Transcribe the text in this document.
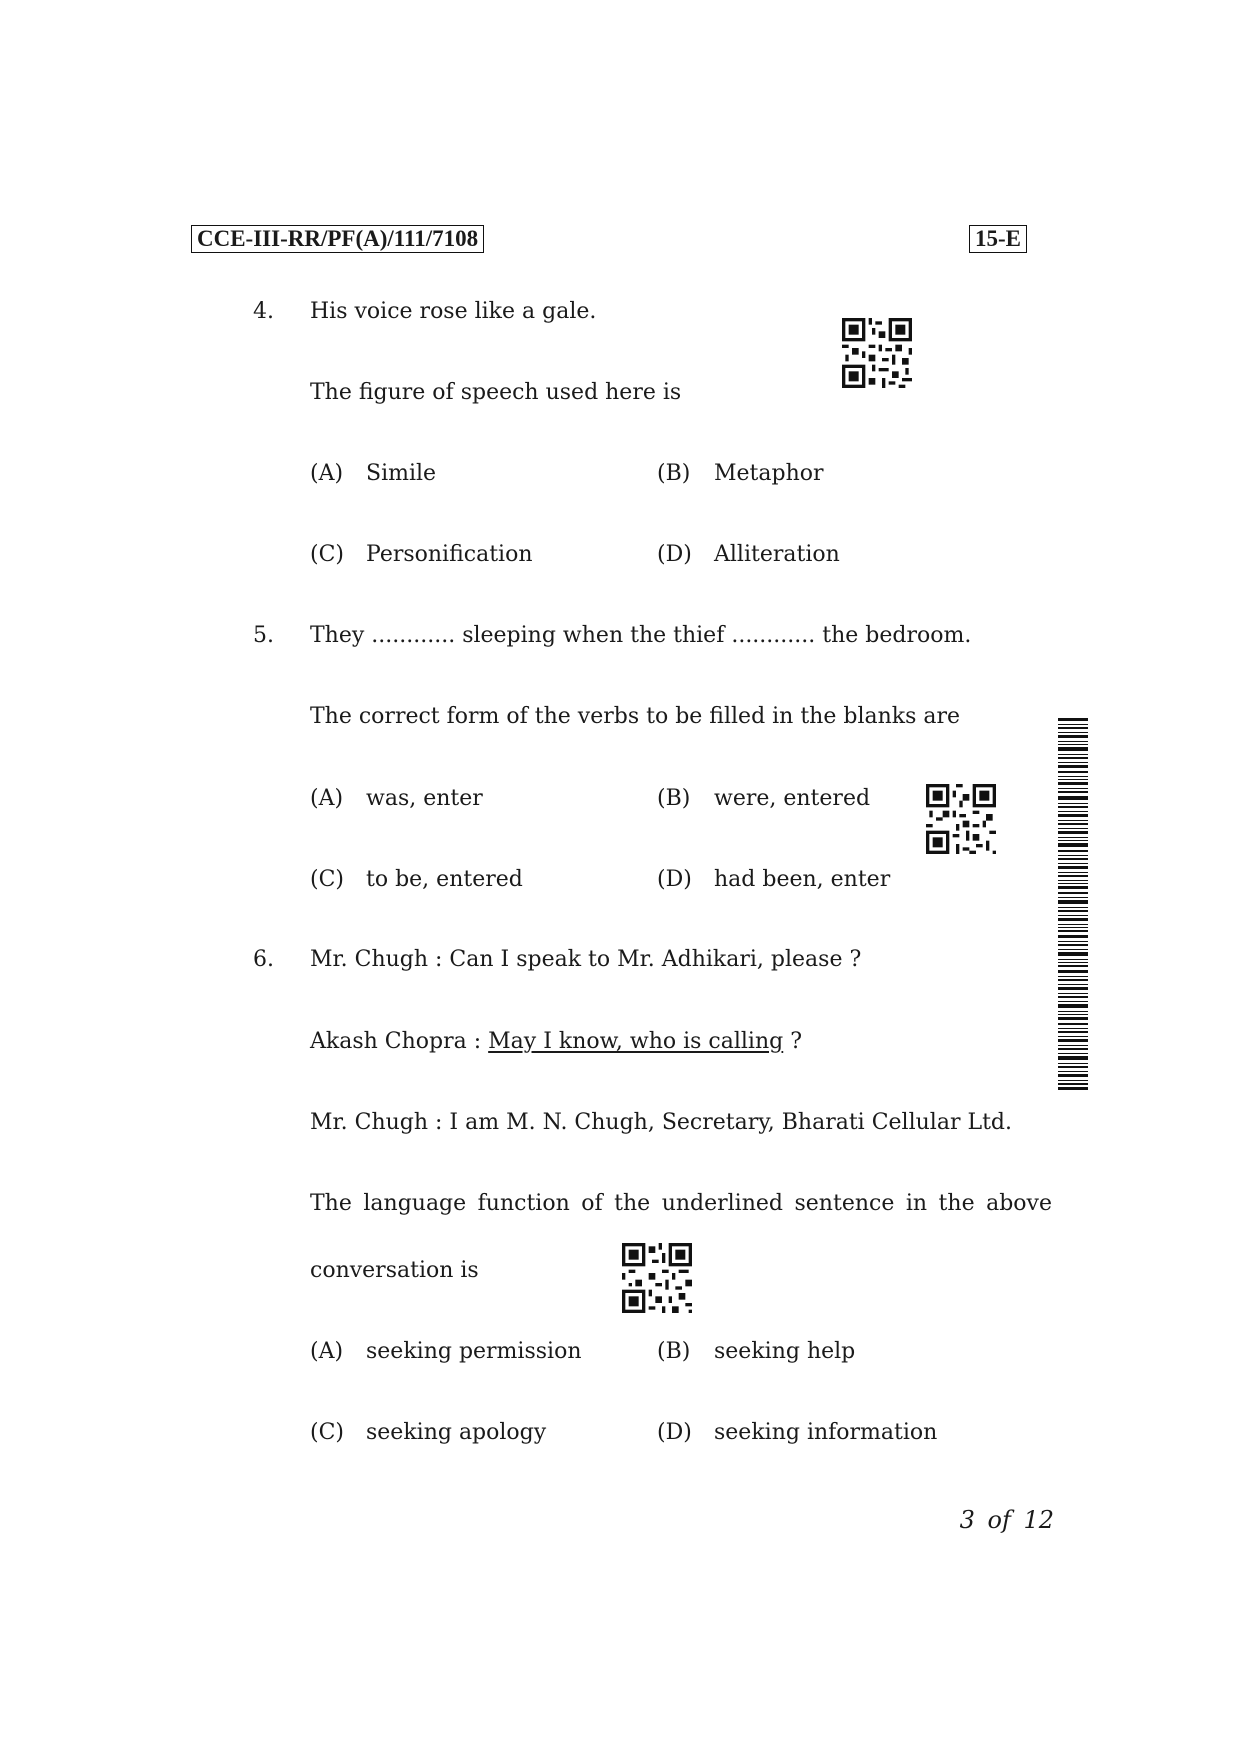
CCE-III-RR/PF(A)/111/7108	15-E
4. His voice rose like a gale.
The figure of speech used here is
(A) Simile	(B) Metaphor
(C) Personification	(D) Alliteration
5. They ............ sleeping when the thief ............ the bedroom.
The correct form of the verbs to be filled in the blanks are
(A) was, enter	(B) were, entered
(C) to be, entered	(D) had been, enter
6. Mr. Chugh : Can I speak to Mr. Adhikari, please ?
Akash Chopra : May I know, who is calling ?
Mr. Chugh : I am M. N. Chugh, Secretary, Bharati Cellular Ltd.
The language function of the underlined sentence in the above
conversation is
(A) seeking permission	(B) seeking help
(C) seeking apology	(D) seeking information
3 of 12
